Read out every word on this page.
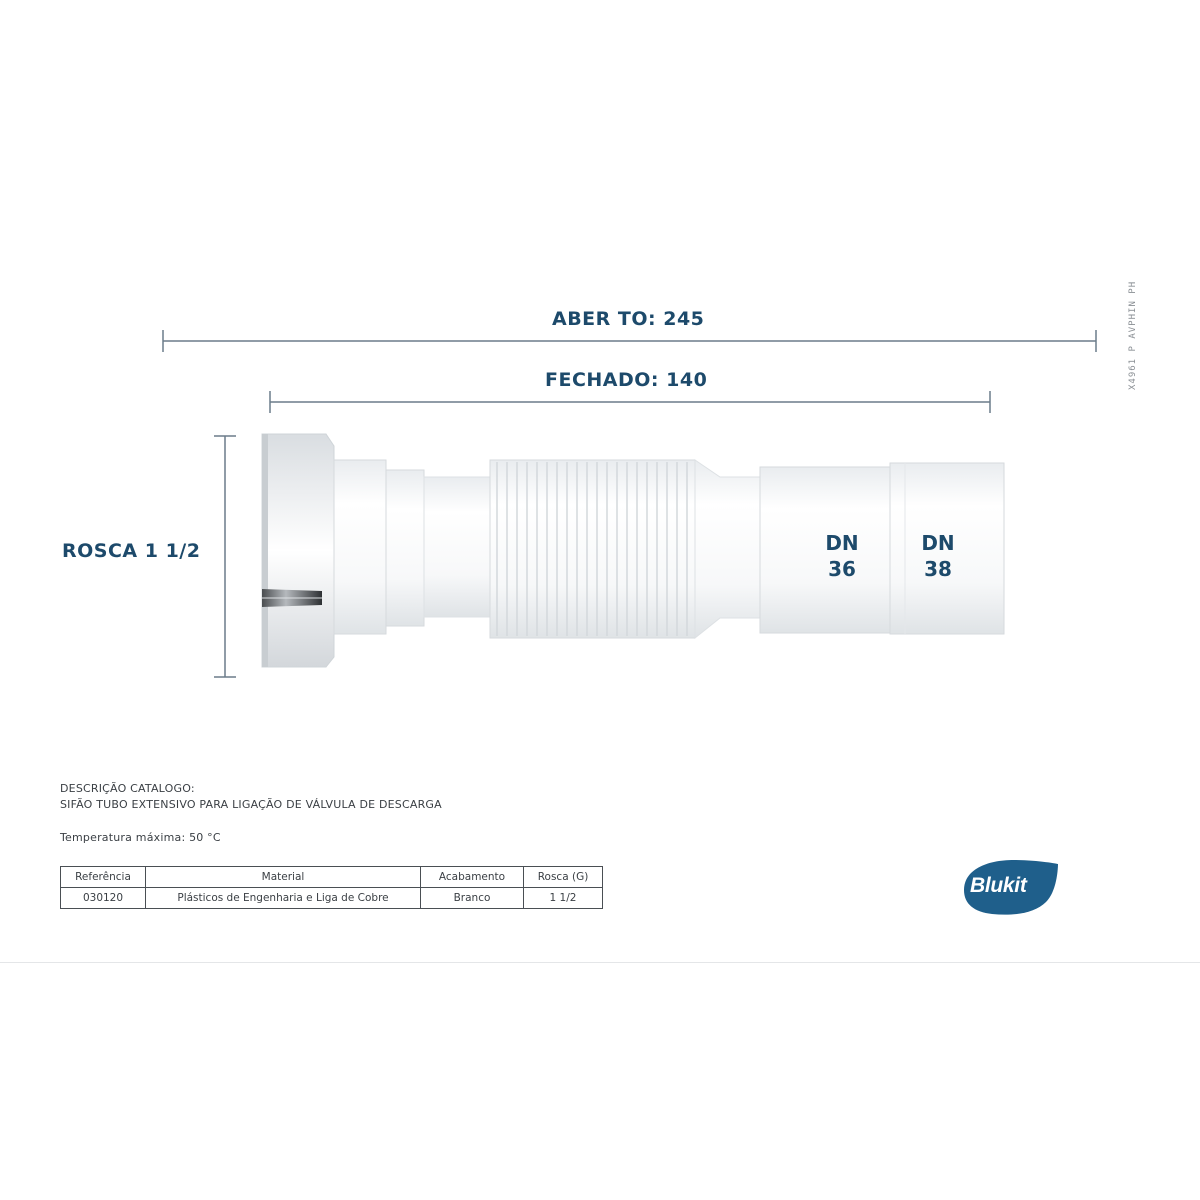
ABER TO: 245
FECHADO: 140
ROSCA 1 1/2	DN
36
DN
38
X4961 P AVPHIN PH
DESCRIÇÃO CATALOGO:
SIFÃO TUBO EXTENSIVO PARA LIGAÇÃO DE VÁLVULA DE DESCARGA
Temperatura máxima: 50 °C
Referência	Material	Acabamento	Rosca (G)
030120	Plásticos de Engenharia e Liga de Cobre	Branco	1 1/2
Blukit
